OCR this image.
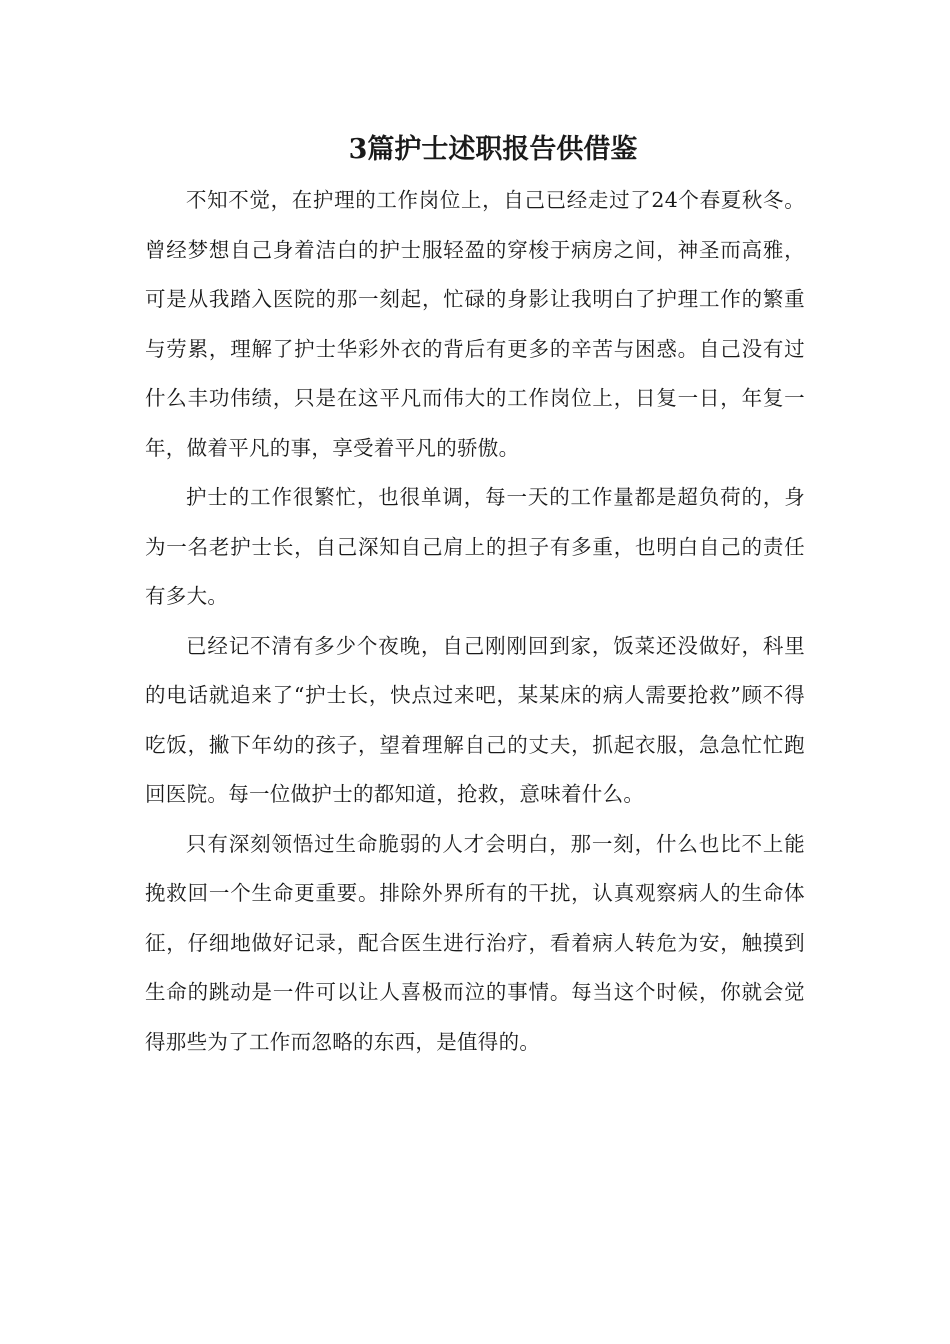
3篇护士述职报告供借鉴

不知不觉，在护理的工作岗位上，自己已经走过了24个春夏秋冬。曾经梦想自己身着洁白的护士服轻盈的穿梭于病房之间，神圣而高雅，可是从我踏入医院的那一刻起，忙碌的身影让我明白了护理工作的繁重与劳累，理解了护士华彩外衣的背后有更多的辛苦与困惑。自己没有过什么丰功伟绩，只是在这平凡而伟大的工作岗位上，日复一日，年复一年，做着平凡的事，享受着平凡的骄傲。

护士的工作很繁忙，也很单调，每一天的工作量都是超负荷的，身为一名老护士长，自己深知自己肩上的担子有多重，也明白自己的责任有多大。

已经记不清有多少个夜晚，自己刚刚回到家，饭菜还没做好，科里的电话就追来了“护士长，快点过来吧，某某床的病人需要抢救”顾不得吃饭，撇下年幼的孩子，望着理解自己的丈夫，抓起衣服，急急忙忙跑回医院。每一位做护士的都知道，抢救，意味着什么。

只有深刻领悟过生命脆弱的人才会明白，那一刻，什么也比不上能挽救回一个生命更重要。排除外界所有的干扰，认真观察病人的生命体征，仔细地做好记录，配合医生进行治疗，看着病人转危为安，触摸到生命的跳动是一件可以让人喜极而泣的事情。每当这个时候，你就会觉得那些为了工作而忽略的东西，是值得的。
